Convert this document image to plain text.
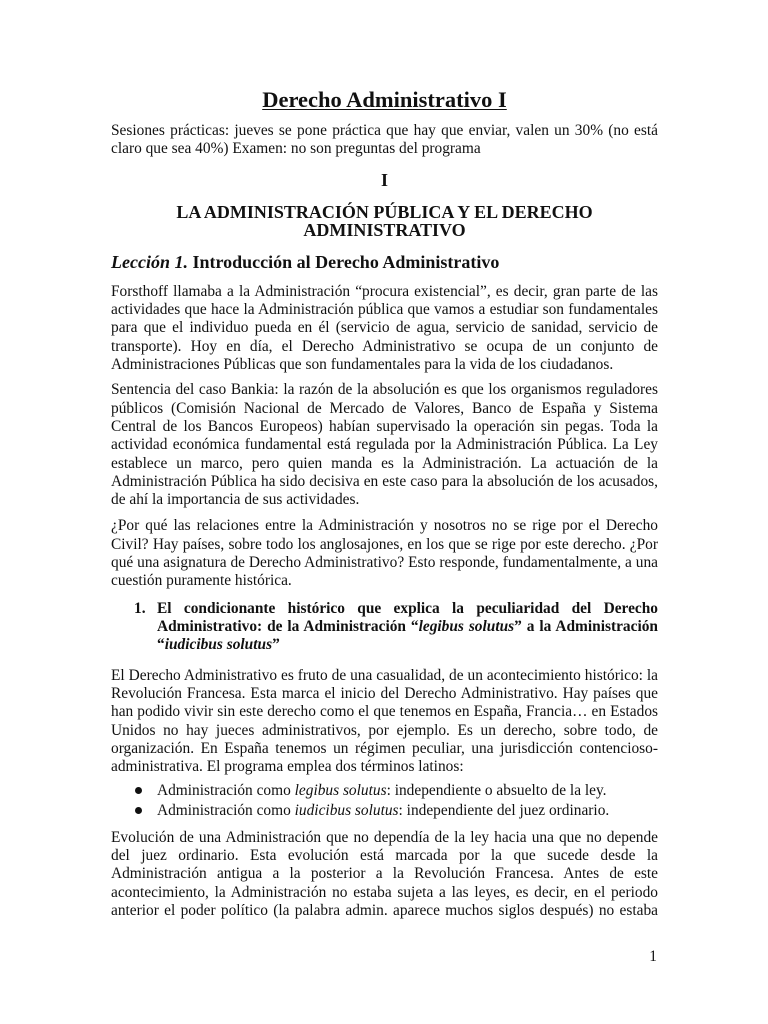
Derecho Administrativo I

Sesiones prácticas: jueves se pone práctica que hay que enviar, valen un 30% (no está claro que sea 40%) Examen: no son preguntas del programa

I
LA ADMINISTRACIÓN PÚBLICA Y EL DERECHO ADMINISTRATIVO
Lección 1. Introducción al Derecho Administrativo

Forsthoff llamaba a la Administración “procura existencial”, es decir, gran parte de las actividades que hace la Administración pública que vamos a estudiar son fundamentales para que el individuo pueda en él (servicio de agua, servicio de sanidad, servicio de transporte). Hoy en día, el Derecho Administrativo se ocupa de un conjunto de Administraciones Públicas que son fundamentales para la vida de los ciudadanos.

Sentencia del caso Bankia: la razón de la absolución es que los organismos reguladores públicos (Comisión Nacional de Mercado de Valores, Banco de España y Sistema Central de los Bancos Europeos) habían supervisado la operación sin pegas. Toda la actividad económica fundamental está regulada por la Administración Pública. La Ley establece un marco, pero quien manda es la Administración. La actuación de la Administración Pública ha sido decisiva en este caso para la absolución de los acusados, de ahí la importancia de sus actividades.

¿Por qué las relaciones entre la Administración y nosotros no se rige por el Derecho Civil? Hay países, sobre todo los anglosajones, en los que se rige por este derecho. ¿Por qué una asignatura de Derecho Administrativo? Esto responde, fundamentalmente, a una cuestión puramente histórica.

1. El condicionante histórico que explica la peculiaridad del Derecho Administrativo: de la Administración “legibus solutus” a la Administración “iudicibus solutus”

El Derecho Administrativo es fruto de una casualidad, de un acontecimiento histórico: la Revolución Francesa. Esta marca el inicio del Derecho Administrativo. Hay países que han podido vivir sin este derecho como el que tenemos en España, Francia… en Estados Unidos no hay jueces administrativos, por ejemplo. Es un derecho, sobre todo, de organización. En España tenemos un régimen peculiar, una jurisdicción contencioso-administrativa. El programa emplea dos términos latinos:

Administración como legibus solutus: independiente o absuelto de la ley.
Administración como iudicibus solutus: independiente del juez ordinario.

Evolución de una Administración que no dependía de la ley hacia una que no depende del juez ordinario. Esta evolución está marcada por la que sucede desde la Administración antigua a la posterior a la Revolución Francesa. Antes de este acontecimiento, la Administración no estaba sujeta a las leyes, es decir, en el periodo anterior el poder político (la palabra admin. aparece muchos siglos después) no estaba

1
